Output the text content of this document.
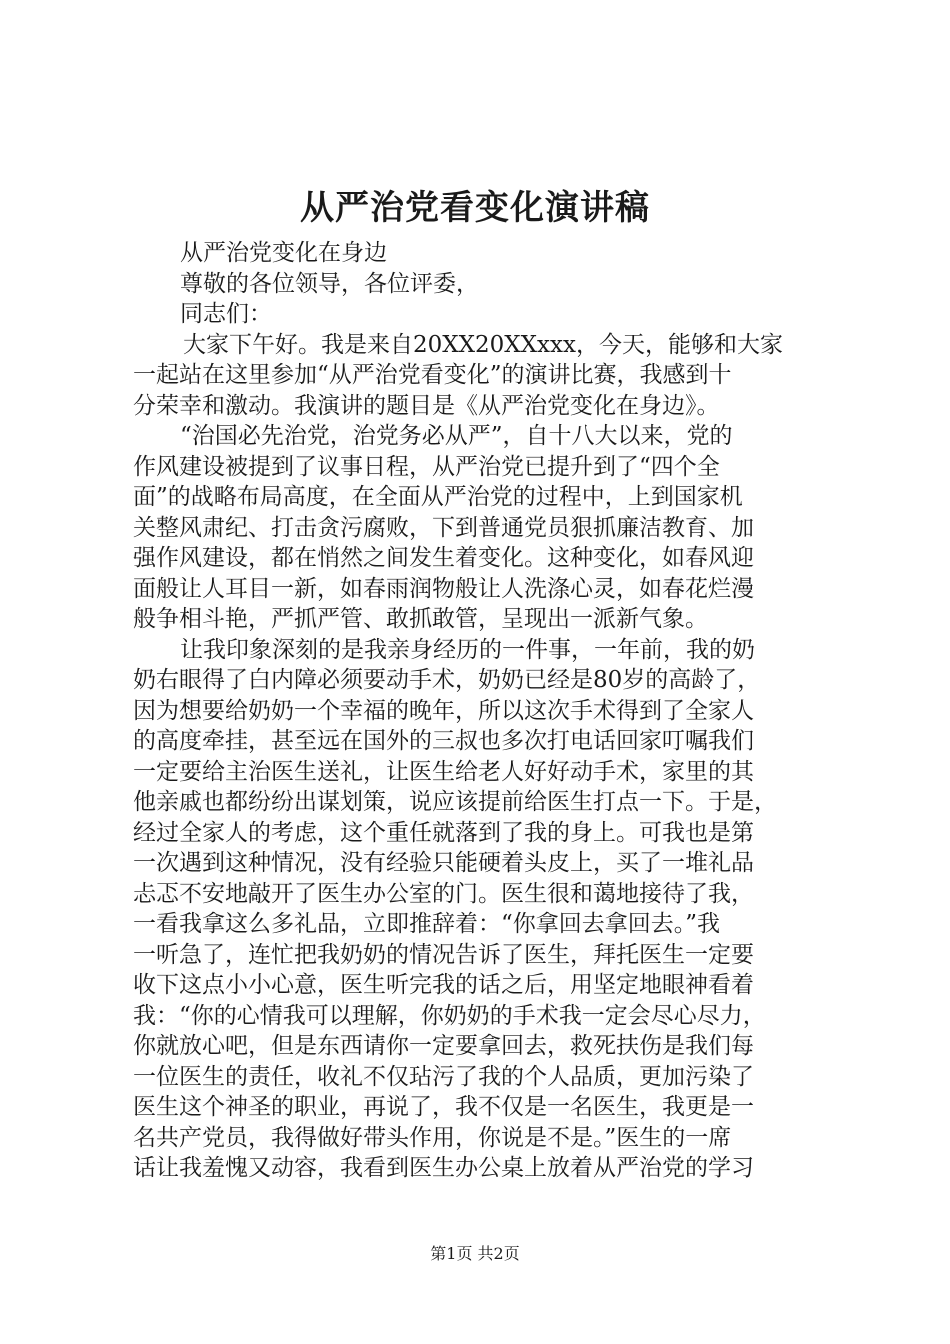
从严治党看变化演讲稿
从严治党变化在身边
尊敬的各位领导，各位评委，
同志们：
大家下午好。我是来自20XX20XXxxx，今天，能够和大家
一起站在这里参加“从严治党看变化”的演讲比赛，我感到十
分荣幸和激动。我演讲的题目是《从严治党变化在身边》。
“治国必先治党，治党务必从严”，自十八大以来，党的
作风建设被提到了议事日程，从严治党已提升到了“四个全
面”的战略布局高度，在全面从严治党的过程中，上到国家机
关整风肃纪、打击贪污腐败，下到普通党员狠抓廉洁教育、加
强作风建设，都在悄然之间发生着变化。这种变化，如春风迎
面般让人耳目一新，如春雨润物般让人洗涤心灵，如春花烂漫
般争相斗艳，严抓严管、敢抓敢管，呈现出一派新气象。
让我印象深刻的是我亲身经历的一件事，一年前，我的奶
奶右眼得了白内障必须要动手术，奶奶已经是80岁的高龄了，
因为想要给奶奶一个幸福的晚年，所以这次手术得到了全家人
的高度牵挂，甚至远在国外的三叔也多次打电话回家叮嘱我们
一定要给主治医生送礼，让医生给老人好好动手术，家里的其
他亲戚也都纷纷出谋划策，说应该提前给医生打点一下。于是，
经过全家人的考虑，这个重任就落到了我的身上。可我也是第
一次遇到这种情况，没有经验只能硬着头皮上，买了一堆礼品
忐忑不安地敲开了医生办公室的门。医生很和蔼地接待了我，
一看我拿这么多礼品，立即推辞着：“你拿回去拿回去。”我
一听急了，连忙把我奶奶的情况告诉了医生，拜托医生一定要
收下这点小小心意，医生听完我的话之后，用坚定地眼神看着
我：“你的心情我可以理解，你奶奶的手术我一定会尽心尽力，
你就放心吧，但是东西请你一定要拿回去，救死扶伤是我们每
一位医生的责任，收礼不仅玷污了我的个人品质，更加污染了
医生这个神圣的职业，再说了，我不仅是一名医生，我更是一
名共产党员，我得做好带头作用，你说是不是。”医生的一席
话让我羞愧又动容，我看到医生办公桌上放着从严治党的学习
第1页 共2页
